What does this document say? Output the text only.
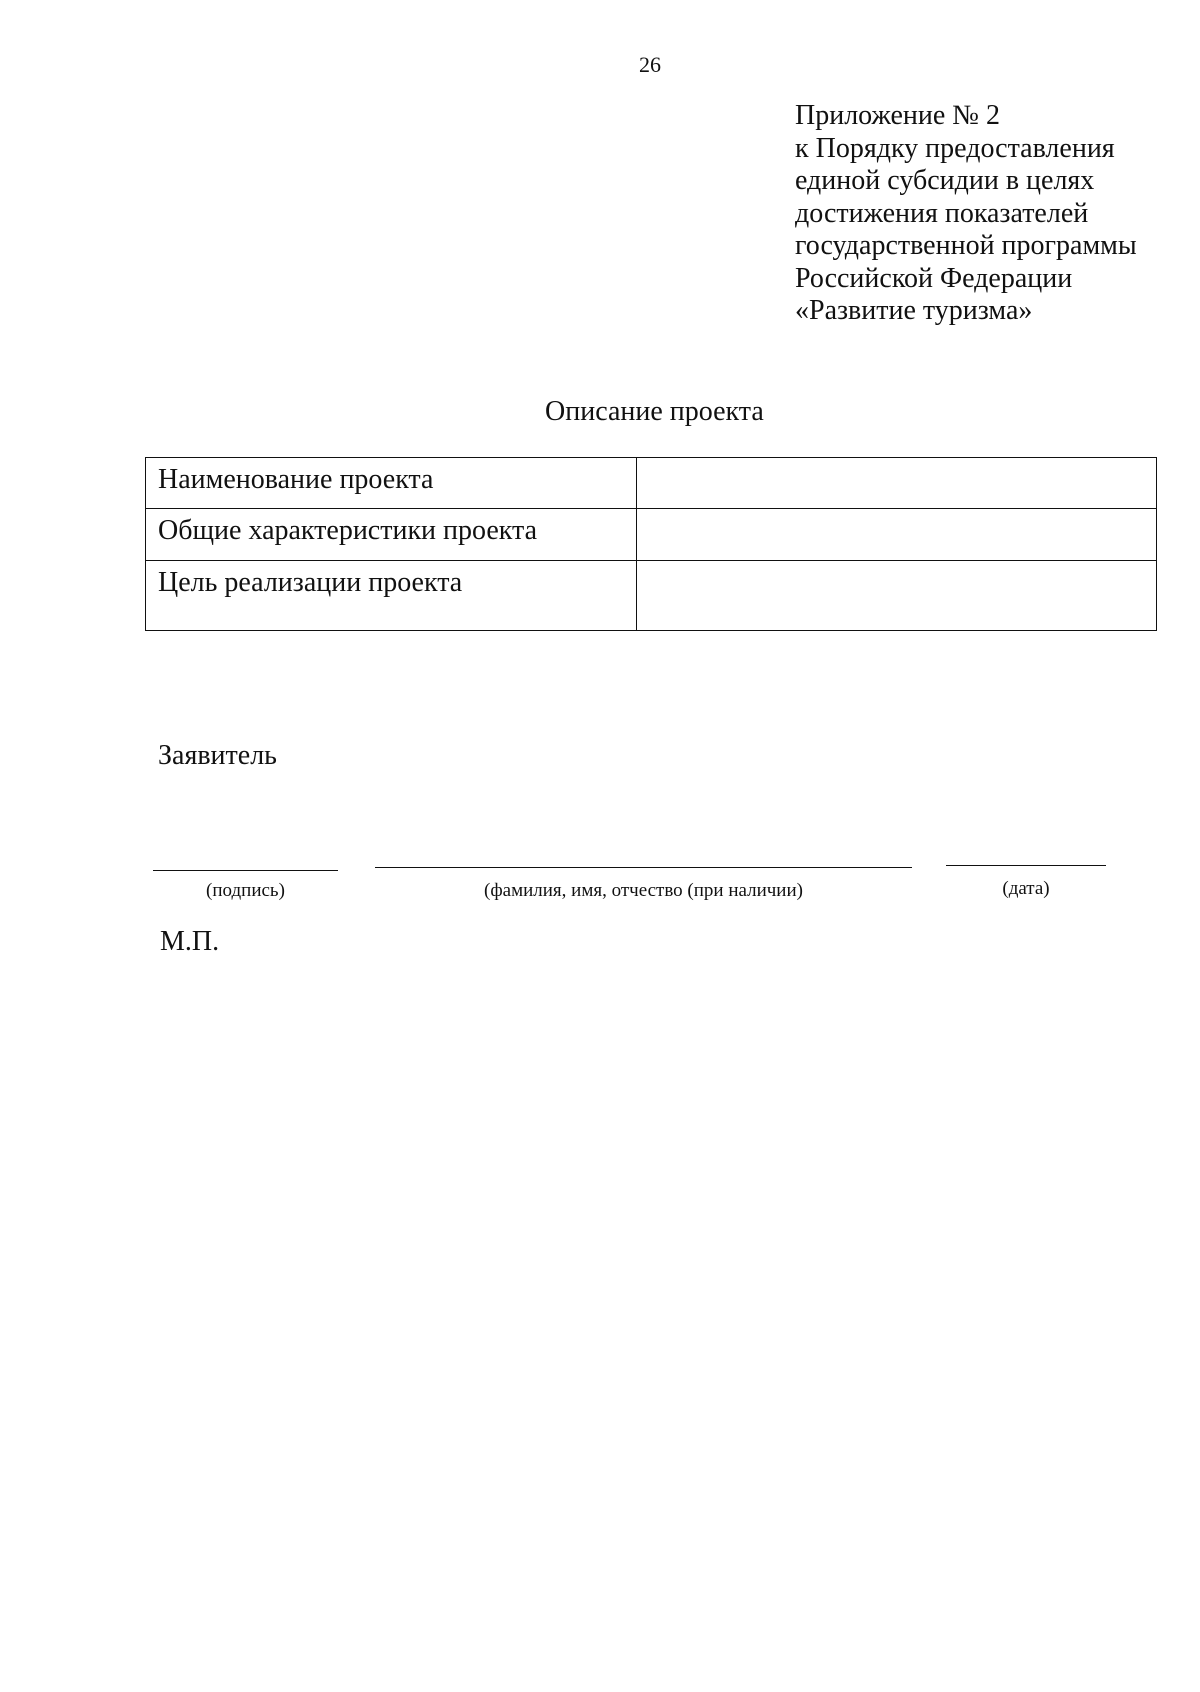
26
Приложение № 2
к Порядку предоставления
единой субсидии в целях
достижения показателей
государственной программы
Российской Федерации
«Развитие туризма»
Описание проекта
Наименование проекта	
Общие характеристики проекта	
Цель реализации проекта	
Заявитель
(подпись)	(фамилия, имя, отчество (при наличии)	(дата)
М.П.
